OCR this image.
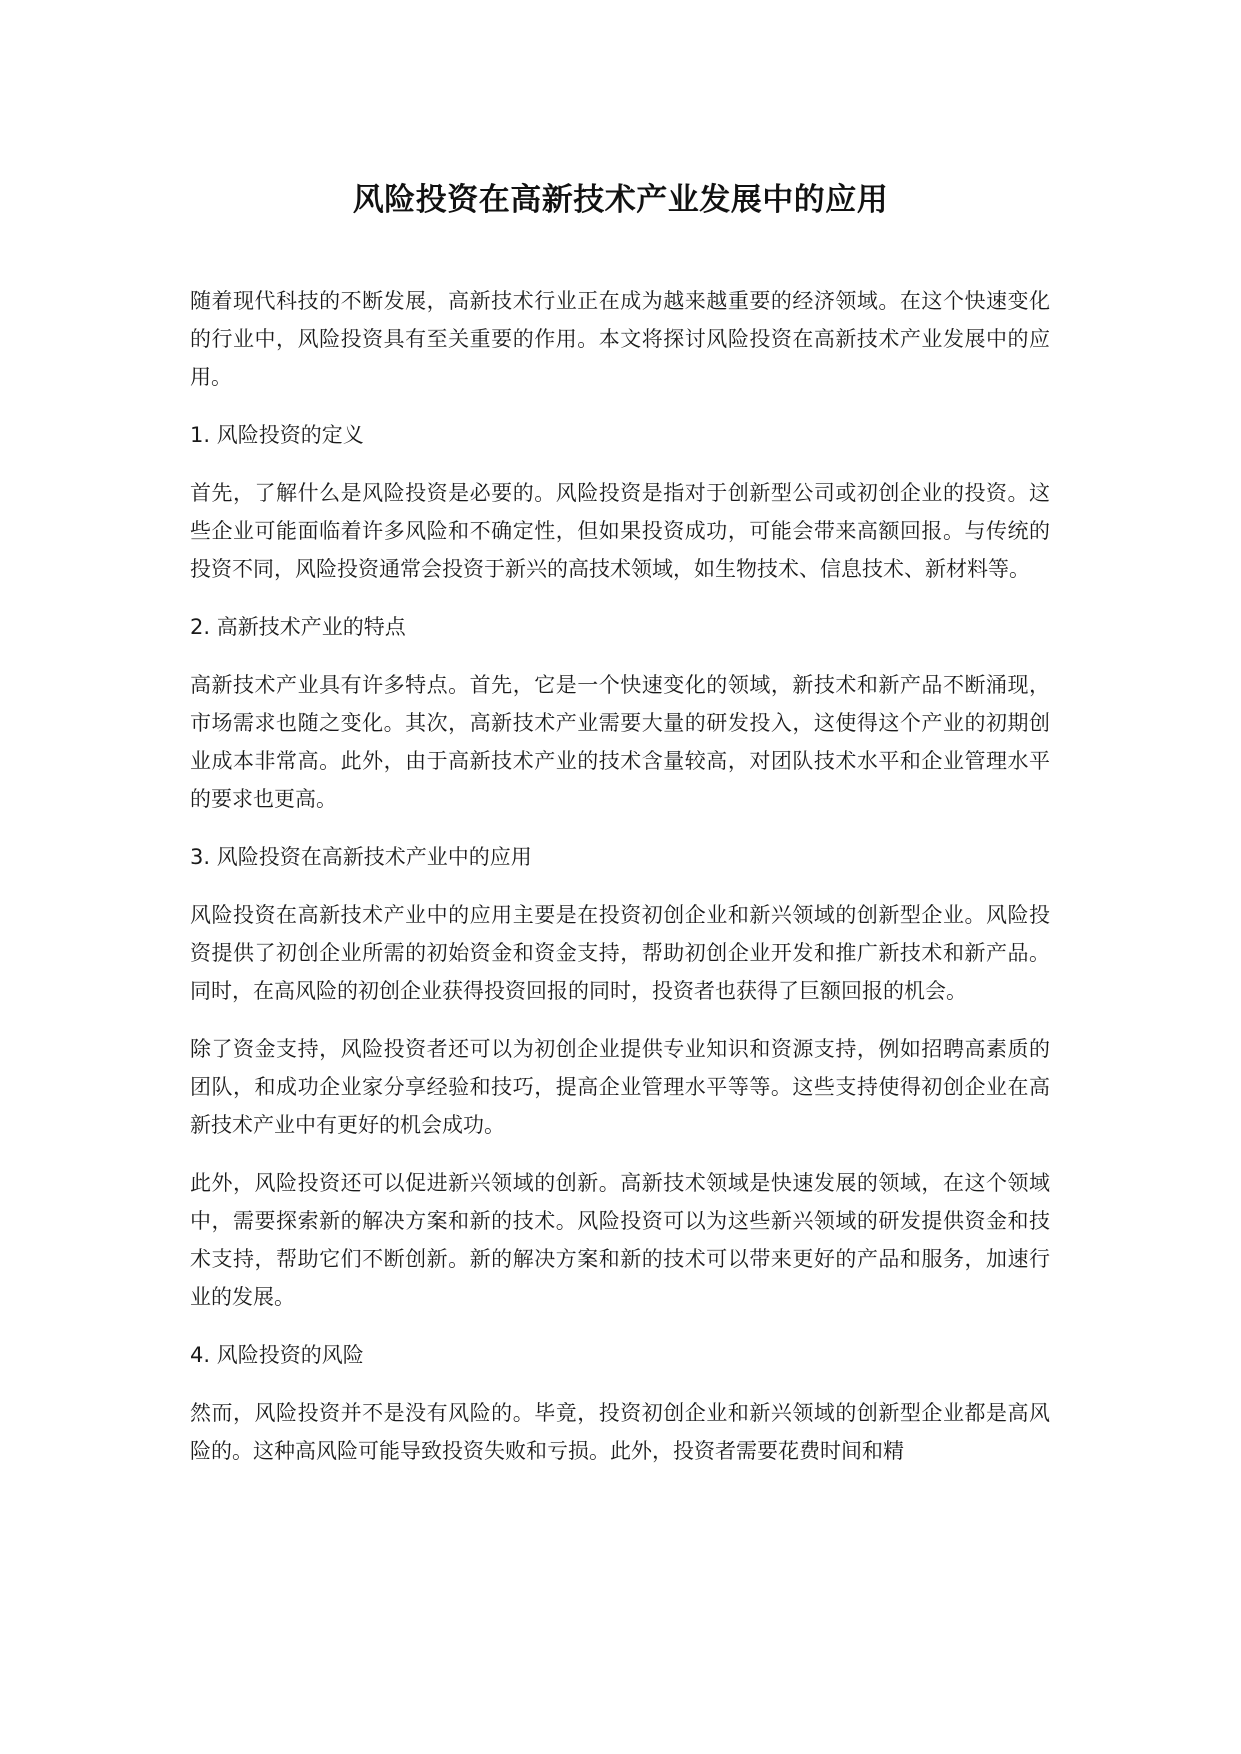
风险投资在高新技术产业发展中的应用

随着现代科技的不断发展，高新技术行业正在成为越来越重要的经济领域。在这个快速变化的行业中，风险投资具有至关重要的作用。本文将探讨风险投资在高新技术产业发展中的应用。

1. 风险投资的定义

首先，了解什么是风险投资是必要的。风险投资是指对于创新型公司或初创企业的投资。这些企业可能面临着许多风险和不确定性，但如果投资成功，可能会带来高额回报。与传统的投资不同，风险投资通常会投资于新兴的高技术领域，如生物技术、信息技术、新材料等。

2. 高新技术产业的特点

高新技术产业具有许多特点。首先，它是一个快速变化的领域，新技术和新产品不断涌现，市场需求也随之变化。其次，高新技术产业需要大量的研发投入，这使得这个产业的初期创业成本非常高。此外，由于高新技术产业的技术含量较高，对团队技术水平和企业管理水平的要求也更高。

3. 风险投资在高新技术产业中的应用

风险投资在高新技术产业中的应用主要是在投资初创企业和新兴领域的创新型企业。风险投资提供了初创企业所需的初始资金和资金支持，帮助初创企业开发和推广新技术和新产品。同时，在高风险的初创企业获得投资回报的同时，投资者也获得了巨额回报的机会。

除了资金支持，风险投资者还可以为初创企业提供专业知识和资源支持，例如招聘高素质的团队，和成功企业家分享经验和技巧，提高企业管理水平等等。这些支持使得初创企业在高新技术产业中有更好的机会成功。

此外，风险投资还可以促进新兴领域的创新。高新技术领域是快速发展的领域，在这个领域中，需要探索新的解决方案和新的技术。风险投资可以为这些新兴领域的研发提供资金和技术支持，帮助它们不断创新。新的解决方案和新的技术可以带来更好的产品和服务，加速行业的发展。

4. 风险投资的风险

然而，风险投资并不是没有风险的。毕竟，投资初创企业和新兴领域的创新型企业都是高风险的。这种高风险可能导致投资失败和亏损。此外，投资者需要花费时间和精
